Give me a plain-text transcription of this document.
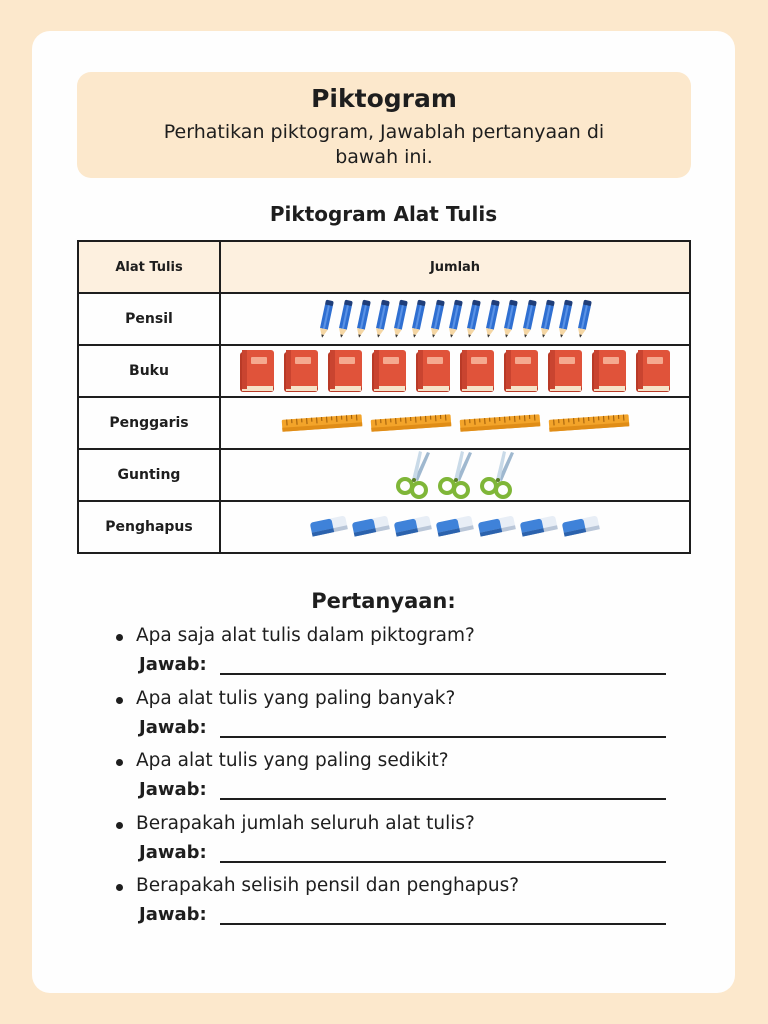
Piktogram

Perhatikan piktogram, Jawablah pertanyaan di bawah ini.

Piktogram Alat Tulis
Alat Tulis	Jumlah
Pensil	
Buku	
Penggaris	
Gunting	
Penghapus	
Pertanyaan:
Apa saja alat tulis dalam piktogram?
Jawab:
Apa alat tulis yang paling banyak?
Jawab:
Apa alat tulis yang paling sedikit?
Jawab:
Berapakah jumlah seluruh alat tulis?
Jawab:
Berapakah selisih pensil dan penghapus?
Jawab:
